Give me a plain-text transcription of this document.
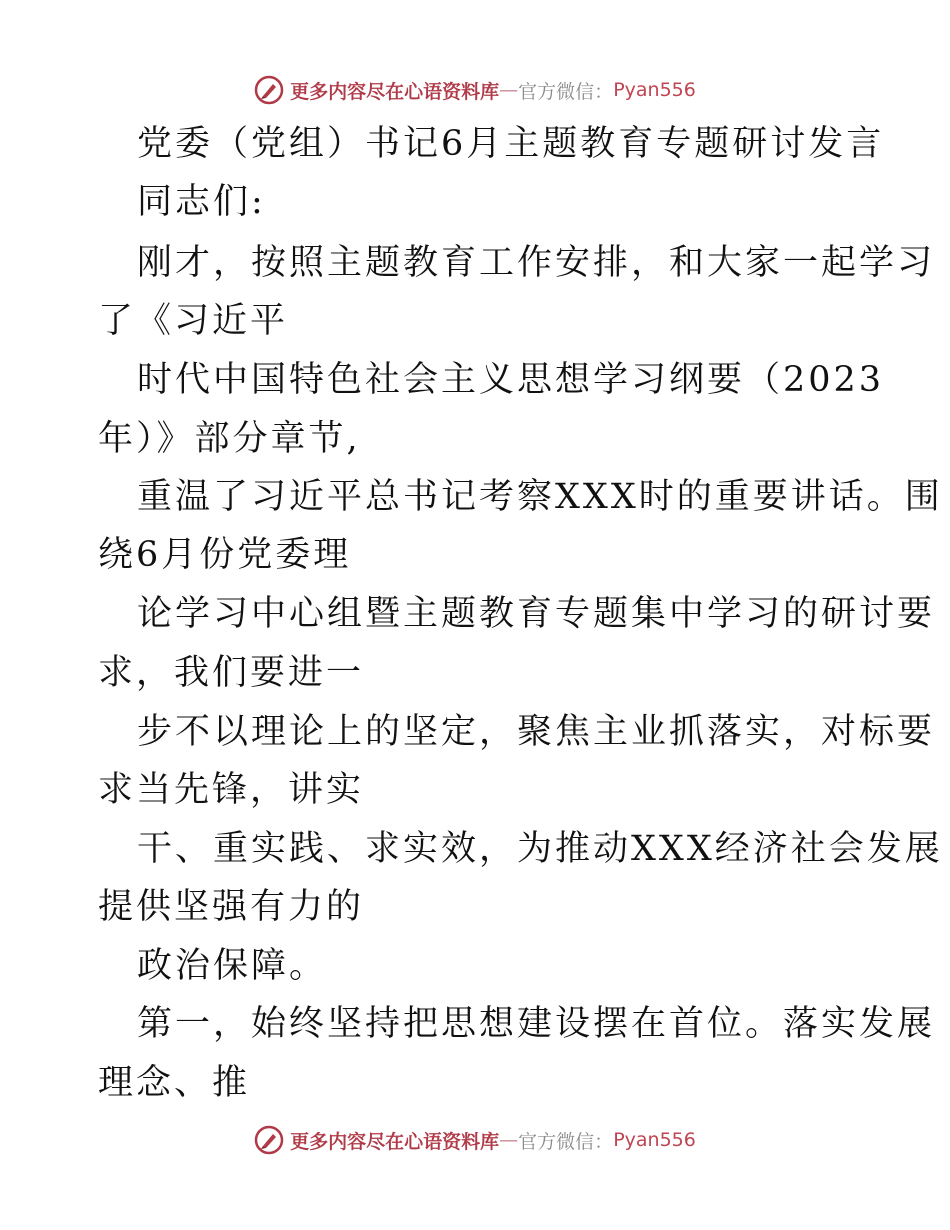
更多内容尽在心语资料库 — 官方微信： Pyan556
党委（党组）书记6月主题教育专题研讨发言
同志们:
刚才，按照主题教育工作安排，和大家一起学习
了《习近平
时代中国特色社会主义思想学习纲要（2023
年）》部分章节,
重温了习近平总书记考察XXX时的重要讲话。围
绕6月份党委理
论学习中心组暨主题教育专题集中学习的研讨要
求，我们要进一
步不以理论上的坚定，聚焦主业抓落实，对标要
求当先锋，讲实
干、重实践、求实效，为推动XXX经济社会发展
提供坚强有力的
政治保障。
第一，始终坚持把思想建设摆在首位。落实发展
理念、推
更多内容尽在心语资料库 — 官方微信： Pyan556
